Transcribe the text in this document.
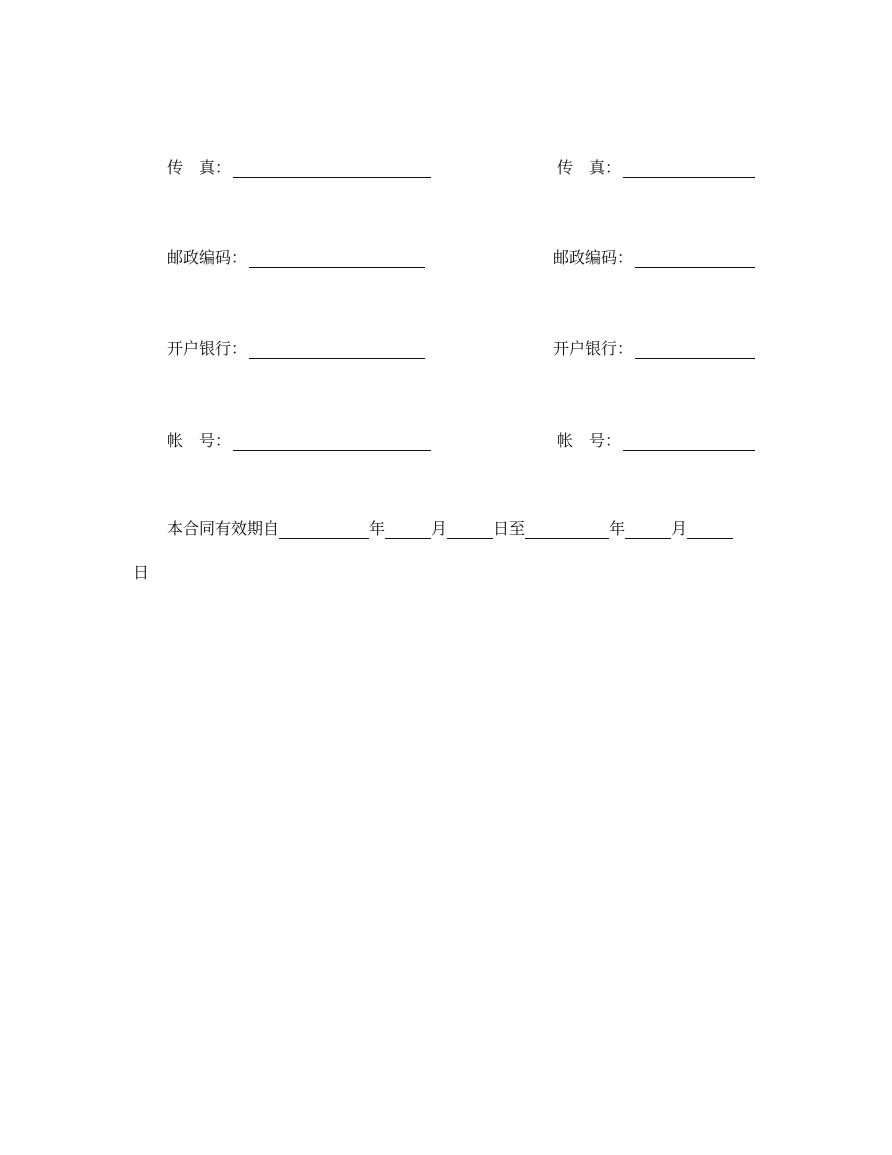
传　真：	传　真：
邮政编码：	邮政编码：
开户银行：	开户银行：
帐　号：	帐　号：
本合同有效期自	年	月	日至	年	月
日
